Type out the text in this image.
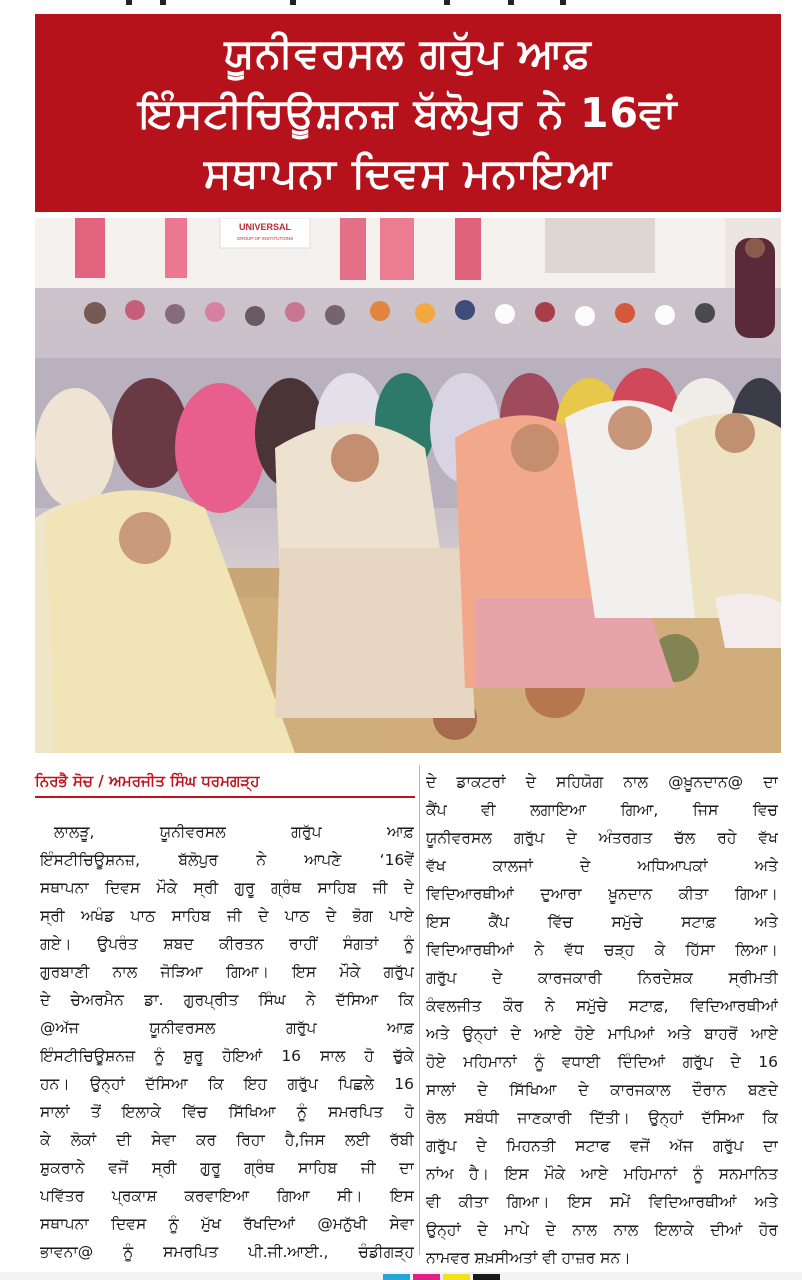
ਯੂਨੀਵਰਸਲ ਗਰੁੱਪ ਆਫ਼
ਇੰਸਟੀਚਿਊਸ਼ਨਜ਼ ਬੱਲੋਪੁਰ ਨੇ 16ਵਾਂ
ਸਥਾਪਨਾ ਦਿਵਸ ਮਨਾਇਆ
UNIVERSAL
GROUP OF INSTITUTIONS
ਨਿਰਭੈ ਸੋਚ / ਅਮਰਜੀਤ ਸਿੰਘ ਧਰਮਗੜ੍ਹ
ਲਾਲੜੂ, ਯੂਨੀਵਰਸਲ ਗਰੁੱਪ ਆਫ਼
ਇੰਸਟੀਚਿਊਸ਼ਨਜ਼, ਬੱਲੋਪੁਰ ਨੇ ਆਪਣੇ ‘16ਵੇਂ
ਸਥਾਪਨਾ ਦਿਵਸ ਮੌਕੇ ਸ੍ਰੀ ਗੁਰੂ ਗ੍ਰੰਥ ਸਾਹਿਬ ਜੀ ਦੇ
ਸ੍ਰੀ ਅਖੰਡ ਪਾਠ ਸਾਹਿਬ ਜੀ ਦੇ ਪਾਠ ਦੇ ਭੋਗ ਪਾਏ
ਗਏ। ਉਪਰੰਤ ਸ਼ਬਦ ਕੀਰਤਨ ਰਾਹੀਂ ਸੰਗਤਾਂ ਨੂੰ
ਗੁਰਬਾਣੀ ਨਾਲ ਜੋੜਿਆ ਗਿਆ। ਇਸ ਮੌਕੇ ਗਰੁੱਪ
ਦੇ ਚੇਅਰਮੈਨ ਡਾ. ਗੁਰਪ੍ਰੀਤ ਸਿੰਘ ਨੇ ਦੱਸਿਆ ਕਿ
@ਅੱਜ ਯੂਨੀਵਰਸਲ ਗਰੁੱਪ ਆਫ਼
ਇੰਸਟੀਚਿਊਸ਼ਨਜ਼ ਨੂੰ ਸ਼ੁਰੂ ਹੋਇਆਂ 16 ਸਾਲ ਹੋ ਚੁੱਕੇ
ਹਨ। ਉਨ੍ਹਾਂ ਦੱਸਿਆ ਕਿ ਇਹ ਗਰੁੱਪ ਪਿਛਲੇ 16
ਸਾਲਾਂ ਤੋਂ ਇਲਾਕੇ ਵਿੱਚ ਸਿੱਖਿਆ ਨੂੰ ਸਮਰਪਿਤ ਹੋ
ਕੇ ਲੋਕਾਂ ਦੀ ਸੇਵਾ ਕਰ ਰਿਹਾ ਹੈ,ਜਿਸ ਲਈ ਰੱਬੀ
ਸ਼ੁਕਰਾਨੇ ਵਜੋਂ ਸ੍ਰੀ ਗੁਰੂ ਗ੍ਰੰਥ ਸਾਹਿਬ ਜੀ ਦਾ
ਪਵਿੱਤਰ ਪ੍ਰਕਾਸ਼ ਕਰਵਾਇਆ ਗਿਆ ਸੀ। ਇਸ
ਸਥਾਪਨਾ ਦਿਵਸ ਨੂੰ ਮੁੱਖ ਰੱਖਦਿਆਂ @ਮਨੁੱਖੀ ਸੇਵਾ
ਭਾਵਨਾ@ ਨੂੰ ਸਮਰਪਿਤ ਪੀ.ਜੀ.ਆਈ., ਚੰਡੀਗੜ੍ਹ
ਦੇ ਡਾਕਟਰਾਂ ਦੇ ਸਹਿਯੋਗ ਨਾਲ @ਖ਼ੂਨਦਾਨ@ ਦਾ
ਕੈਂਪ ਵੀ ਲਗਾਇਆ ਗਿਆ, ਜਿਸ ਵਿਚ
ਯੂਨੀਵਰਸਲ ਗਰੁੱਪ ਦੇ ਅੰਤਰਗਤ ਚੱਲ ਰਹੇ ਵੱਖ
ਵੱਖ ਕਾਲਜਾਂ ਦੇ ਅਧਿਆਪਕਾਂ ਅਤੇ
ਵਿਦਿਆਰਥੀਆਂ ਦੁਆਰਾ ਖ਼ੂਨਦਾਨ ਕੀਤਾ ਗਿਆ।
ਇਸ ਕੈਂਪ ਵਿੱਚ ਸਮੁੱਚੇ ਸਟਾਫ਼ ਅਤੇ
ਵਿਦਿਆਰਥੀਆਂ ਨੇ ਵੱਧ ਚੜ੍ਹ ਕੇ ਹਿੱਸਾ ਲਿਆ।
ਗਰੁੱਪ ਦੇ ਕਾਰਜਕਾਰੀ ਨਿਰਦੇਸ਼ਕ ਸ੍ਰੀਮਤੀ
ਕੰਵਲਜੀਤ ਕੌਰ ਨੇ ਸਮੁੱਚੇ ਸਟਾਫ਼, ਵਿਦਿਆਰਥੀਆਂ
ਅਤੇ ਉਨ੍ਹਾਂ ਦੇ ਆਏ ਹੋਏ ਮਾਪਿਆਂ ਅਤੇ ਬਾਹਰੋਂ ਆਏ
ਹੋਏ ਮਹਿਮਾਨਾਂ ਨੂੰ ਵਧਾਈ ਦਿੰਦਿਆਂ ਗਰੁੱਪ ਦੇ 16
ਸਾਲਾਂ ਦੇ ਸਿੱਖਿਆ ਦੇ ਕਾਰਜਕਾਲ ਦੌਰਾਨ ਬਣਦੇ
ਰੋਲ ਸਬੰਧੀ ਜਾਣਕਾਰੀ ਦਿੱਤੀ। ਉਨ੍ਹਾਂ ਦੱਸਿਆ ਕਿ
ਗਰੁੱਪ ਦੇ ਮਿਹਨਤੀ ਸਟਾਫ ਵਜੋਂ ਅੱਜ ਗਰੁੱਪ ਦਾ
ਨਾਂਅ ਹੈ। ਇਸ ਮੌਕੇ ਆਏ ਮਹਿਮਾਨਾਂ ਨੂੰ ਸਨਮਾਨਿਤ
ਵੀ ਕੀਤਾ ਗਿਆ। ਇਸ ਸਮੇਂ ਵਿਦਿਆਰਥੀਆਂ ਅਤੇ
ਉਨ੍ਹਾਂ ਦੇ ਮਾਪੇ ਦੇ ਨਾਲ ਨਾਲ ਇਲਾਕੇ ਦੀਆਂ ਹੋਰ
ਨਾਮਵਰ ਸ਼ਖ਼ਸੀਅਤਾਂ ਵੀ ਹਾਜ਼ਰ ਸਨ।
